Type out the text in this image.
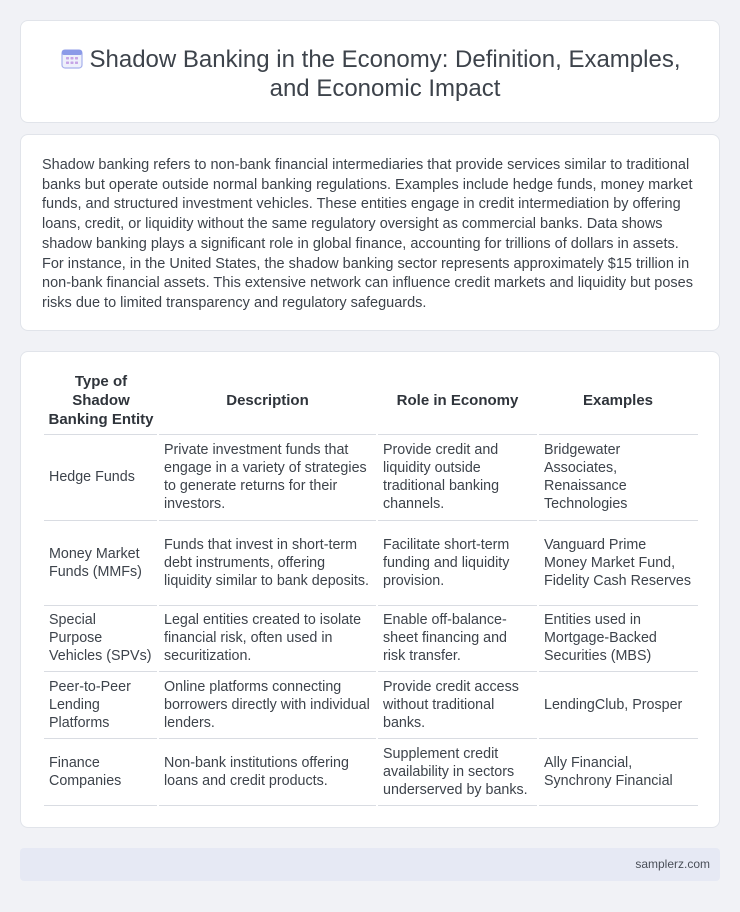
Shadow Banking in the Economy: Definition, Examples, and Economic Impact

Shadow banking refers to non-bank financial intermediaries that provide services similar to traditional banks but operate outside normal banking regulations. Examples include hedge funds, money market funds, and structured investment vehicles. These entities engage in credit intermediation by offering loans, credit, or liquidity without the same regulatory oversight as commercial banks. Data shows shadow banking plays a significant role in global finance, accounting for trillions of dollars in assets. For instance, in the United States, the shadow banking sector represents approximately $15 trillion in non-bank financial assets. This extensive network can influence credit markets and liquidity but poses risks due to limited transparency and regulatory safeguards.

Type of Shadow Banking Entity	Description	Role in Economy	Examples
Hedge Funds	Private investment funds that engage in a variety of strategies to generate returns for their investors.	Provide credit and liquidity outside traditional banking channels.	Bridgewater Associates, Renaissance Technologies
Money Market Funds (MMFs)	Funds that invest in short-term debt instruments, offering liquidity similar to bank deposits.	Facilitate short-term funding and liquidity provision.	Vanguard Prime Money Market Fund, Fidelity Cash Reserves
Special Purpose Vehicles (SPVs)	Legal entities created to isolate financial risk, often used in securitization.	Enable off-balance-sheet financing and risk transfer.	Entities used in Mortgage-Backed Securities (MBS)
Peer-to-Peer Lending Platforms	Online platforms connecting borrowers directly with individual lenders.	Provide credit access without traditional banks.	LendingClub, Prosper
Finance Companies	Non-bank institutions offering loans and credit products.	Supplement credit availability in sectors underserved by banks.	Ally Financial, Synchrony Financial
samplerz.com
